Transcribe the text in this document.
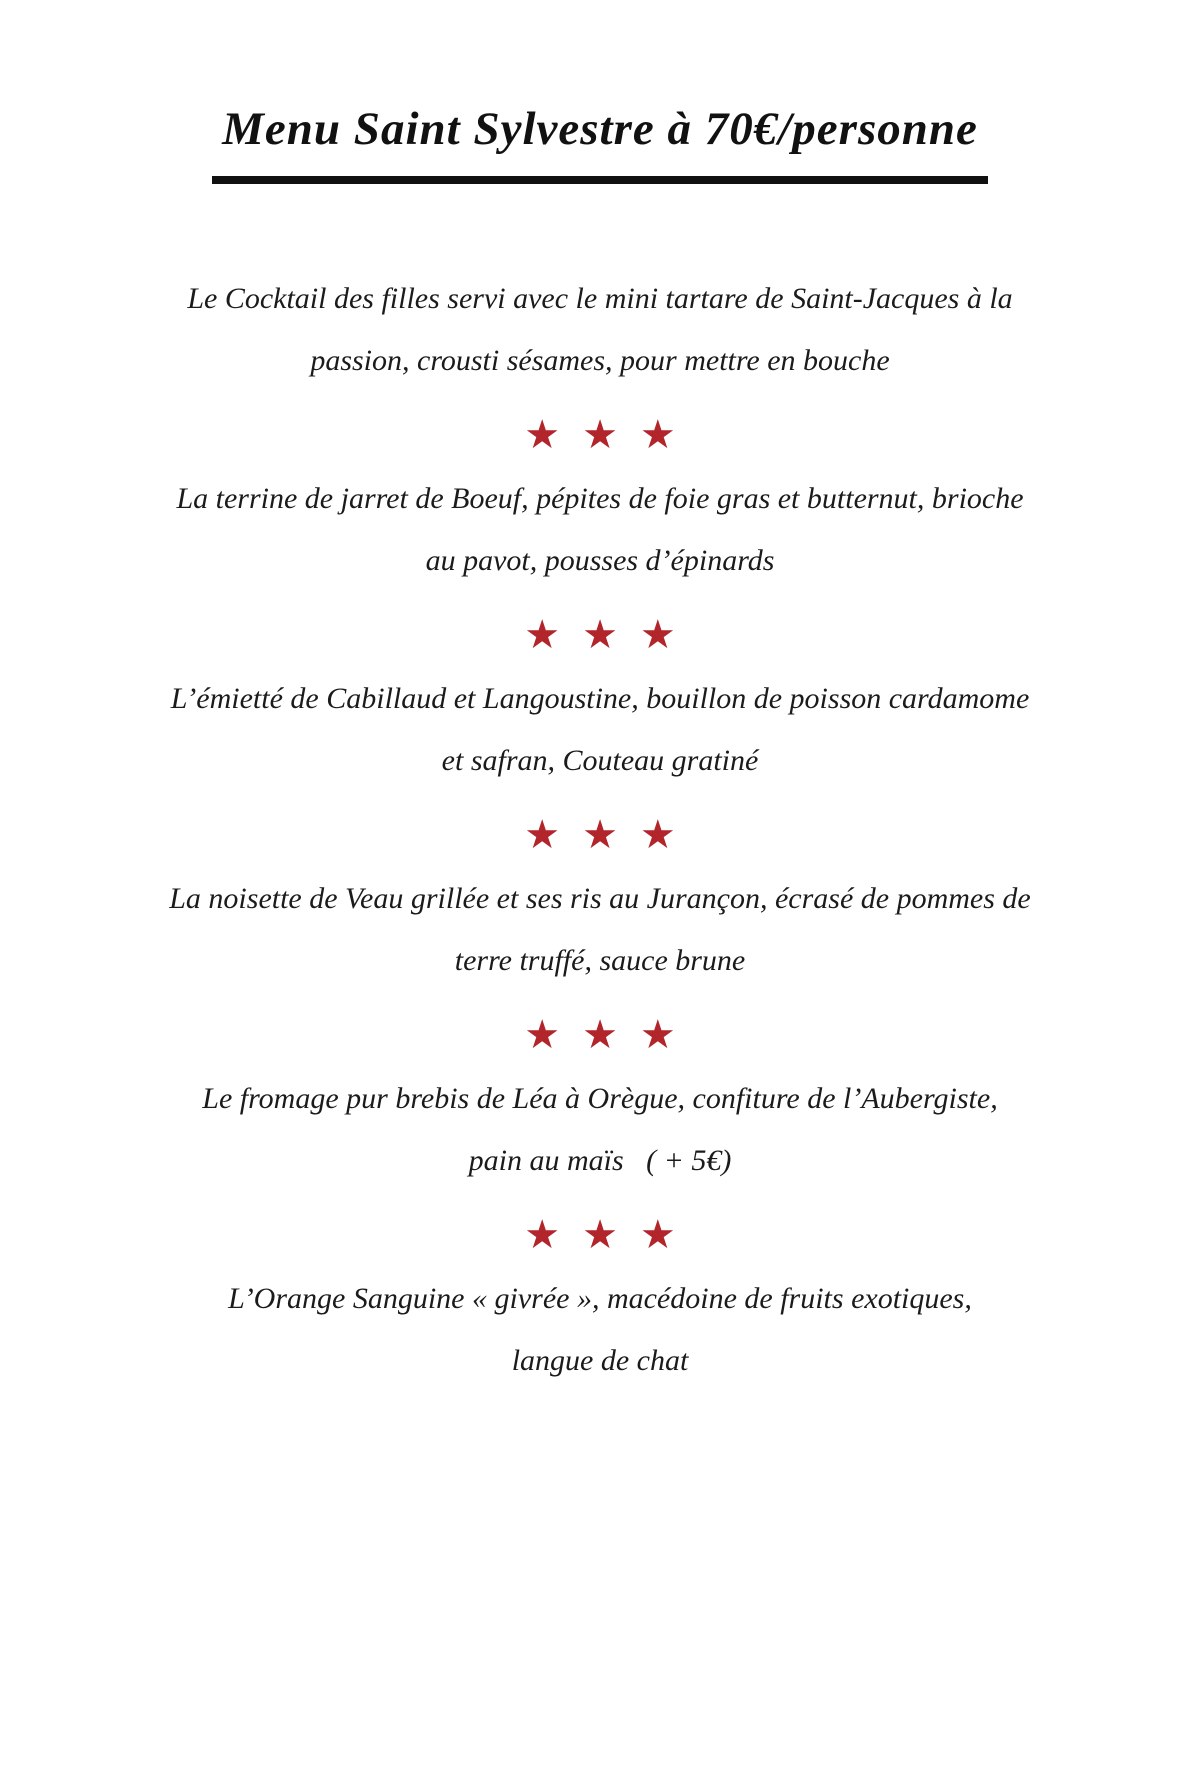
Menu Saint Sylvestre à 70€/personne

Le Cocktail des filles servi avec le mini tartare de Saint-Jacques à la

passion, crousti sésames, pour mettre en bouche

★ ★ ★

La terrine de jarret de Boeuf, pépites de foie gras et butternut, brioche

au pavot, pousses d’épinards

★ ★ ★

L’émietté de Cabillaud et Langoustine, bouillon de poisson cardamome

et safran, Couteau gratiné

★ ★ ★

La noisette de Veau grillée et ses ris au Jurançon, écrasé de pommes de

terre truffé, sauce brune

★ ★ ★

Le fromage pur brebis de Léa à Orègue, confiture de l’Aubergiste,

pain au maïs   ( + 5€)

★ ★ ★

L’Orange Sanguine « givrée », macédoine de fruits exotiques,

langue de chat
